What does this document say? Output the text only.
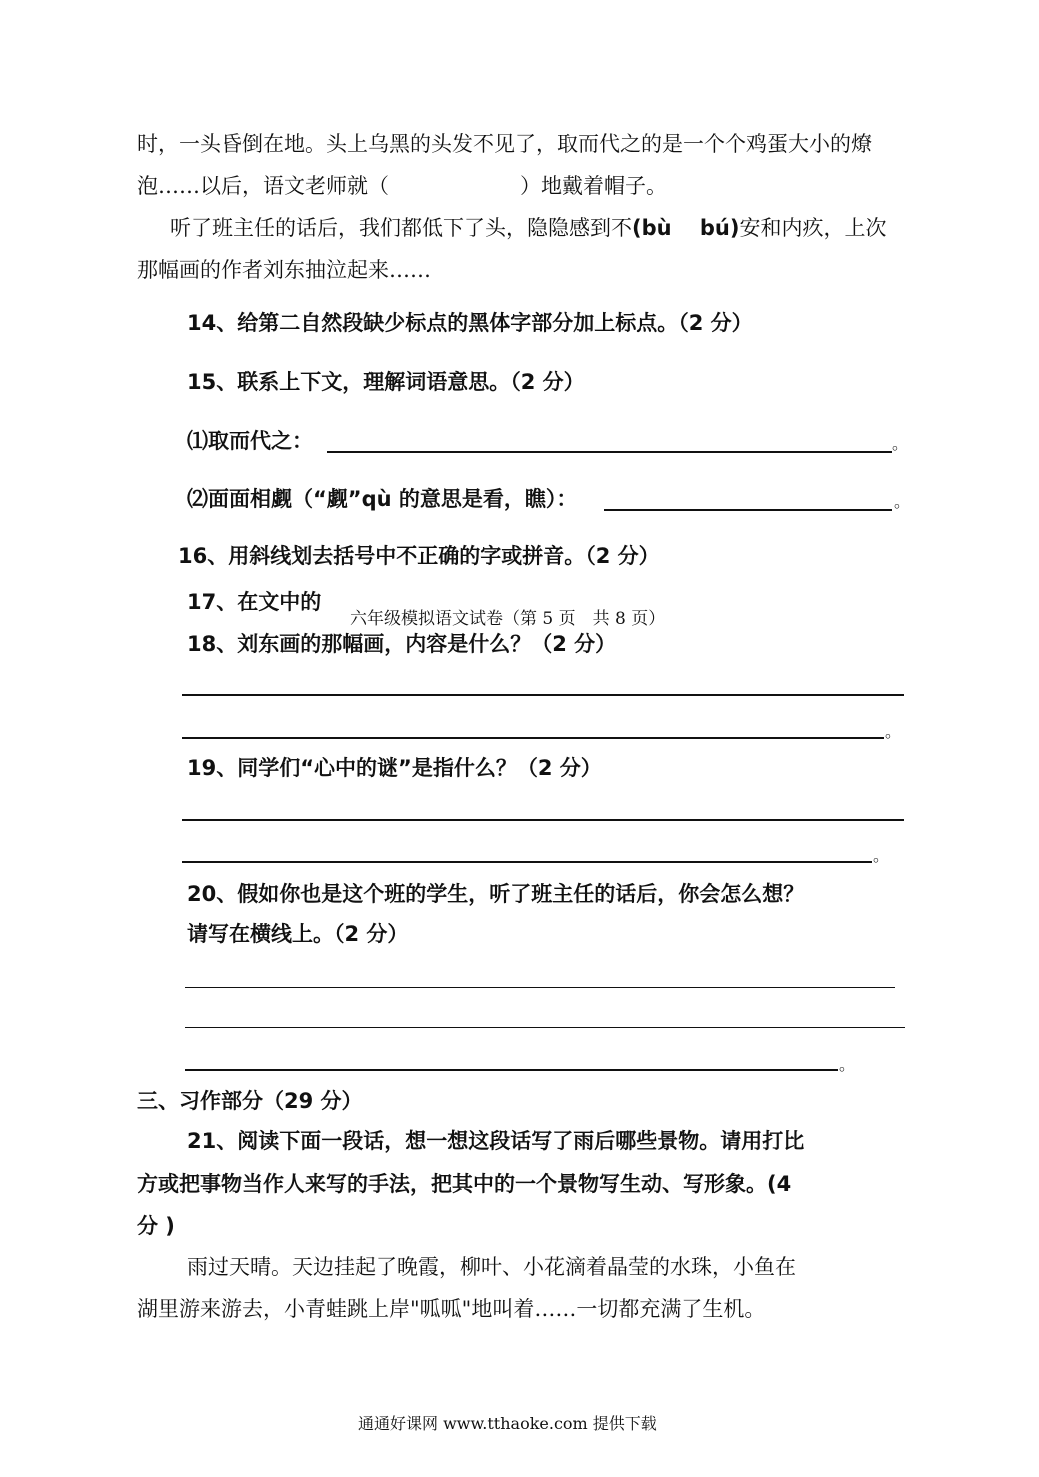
时，一头昏倒在地。头上乌黑的头发不见了，取而代之的是一个个鸡蛋大小的燎
泡……以后，语文老师就（	）地戴着帽子。
听了班主任的话后，我们都低下了头，隐隐感到不(bù　 bú)安和内疚，上次
那幅画的作者刘东抽泣起来……
14、给第二自然段缺少标点的黑体字部分加上标点。（2 分）
15、联系上下文，理解词语意思。（2 分）
⑴取而代之：	。
⑵面面相觑（“觑”qù 的意思是看，瞧）：	。
16、用斜线划去括号中不正确的字或拼音。（2 分）
17、在文中的
六年级模拟语文试卷（第 5 页　共 8 页）
18、刘东画的那幅画，内容是什么？（2 分）
。
19、同学们“心中的谜”是指什么？（2 分）
。
20、假如你也是这个班的学生，听了班主任的话后，你会怎么想？
请写在横线上。（2 分）
。
三、习作部分（29 分）
21、阅读下面一段话，想一想这段话写了雨后哪些景物。请用打比
方或把事物当作人来写的手法，把其中的一个景物写生动、写形象。(4
分 )
雨过天晴。天边挂起了晚霞，柳叶、小花滴着晶莹的水珠，小鱼在
湖里游来游去，小青蛙跳上岸"呱呱"地叫着……一切都充满了生机。
通通好课网 www.tthaoke.com 提供下载
